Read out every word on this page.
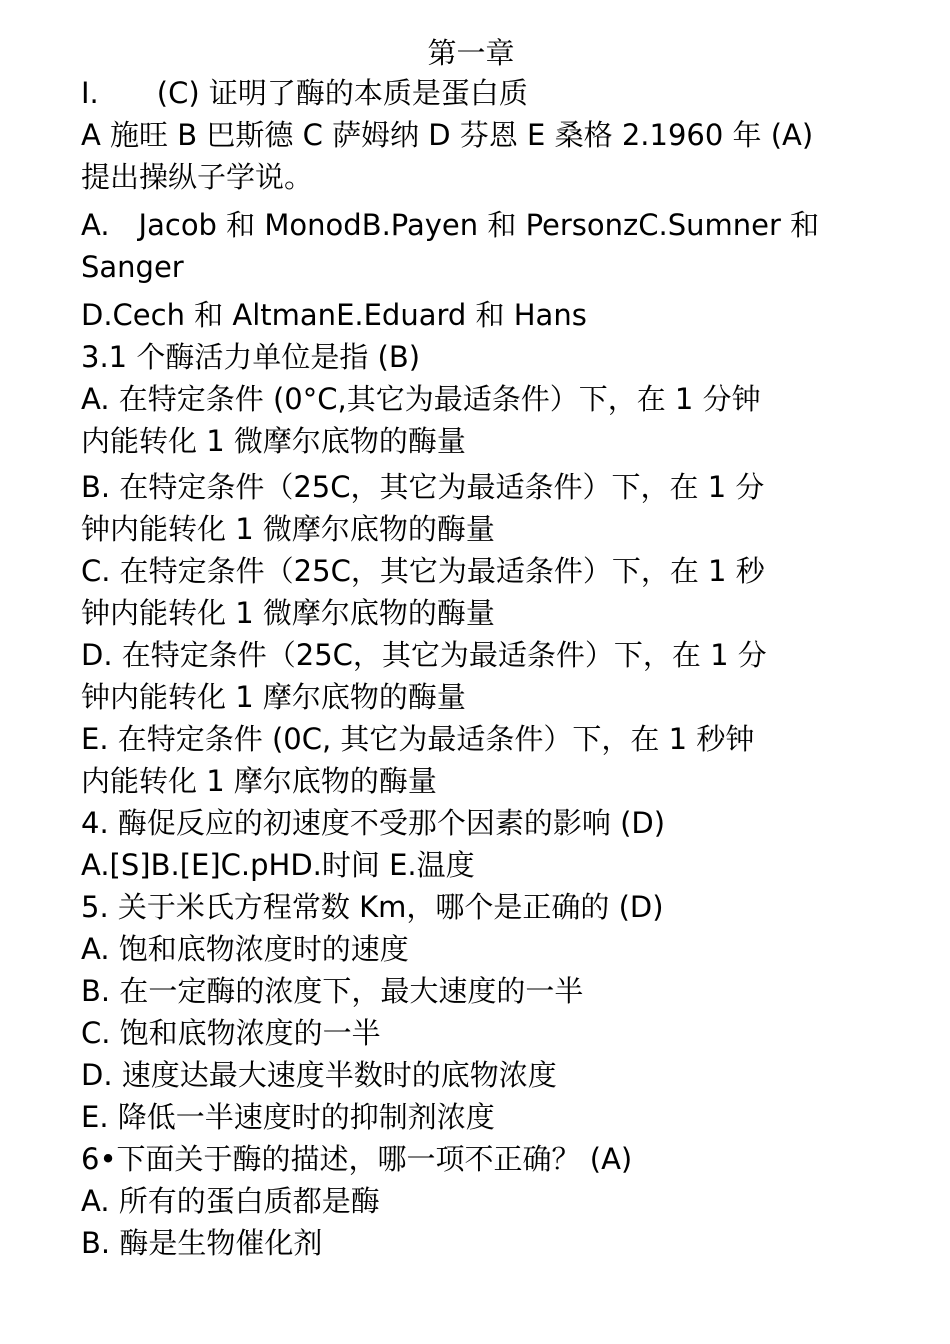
第一章
I.  (C) 证明了酶的本质是蛋白质
A 施旺 B 巴斯德 C 萨姆纳 D 芬恩 E 桑格 2.1960 年 (A)
提出操纵子学说。
A. Jacob 和 MonodB.Payen 和 PersonzC.Sumner 和
Sanger
D.Cech 和 AltmanE.Eduard 和 Hans
3.1 个酶活力单位是指 (B)
A. 在特定条件 (0°C,其它为最适条件）下，在 1 分钟
内能转化 1 微摩尔底物的酶量
B. 在特定条件（25C，其它为最适条件）下，在 1 分
钟内能转化 1 微摩尔底物的酶量
C. 在特定条件（25C，其它为最适条件）下，在 1 秒
钟内能转化 1 微摩尔底物的酶量
D. 在特定条件（25C，其它为最适条件）下，在 1 分
钟内能转化 1 摩尔底物的酶量
E. 在特定条件 (0C, 其它为最适条件）下，在 1 秒钟
内能转化 1 摩尔底物的酶量
4. 酶促反应的初速度不受那个因素的影响 (D)
A.[S]B.[E]C.pHD.时间 E.温度
5. 关于米氏方程常数 Km，哪个是正确的 (D)
A. 饱和底物浓度时的速度
B. 在一定酶的浓度下，最大速度的一半
C. 饱和底物浓度的一半
D. 速度达最大速度半数时的底物浓度
E. 降低一半速度时的抑制剂浓度
6•下面关于酶的描述，哪一项不正确？ (A)
A. 所有的蛋白质都是酶
B. 酶是生物催化剂
